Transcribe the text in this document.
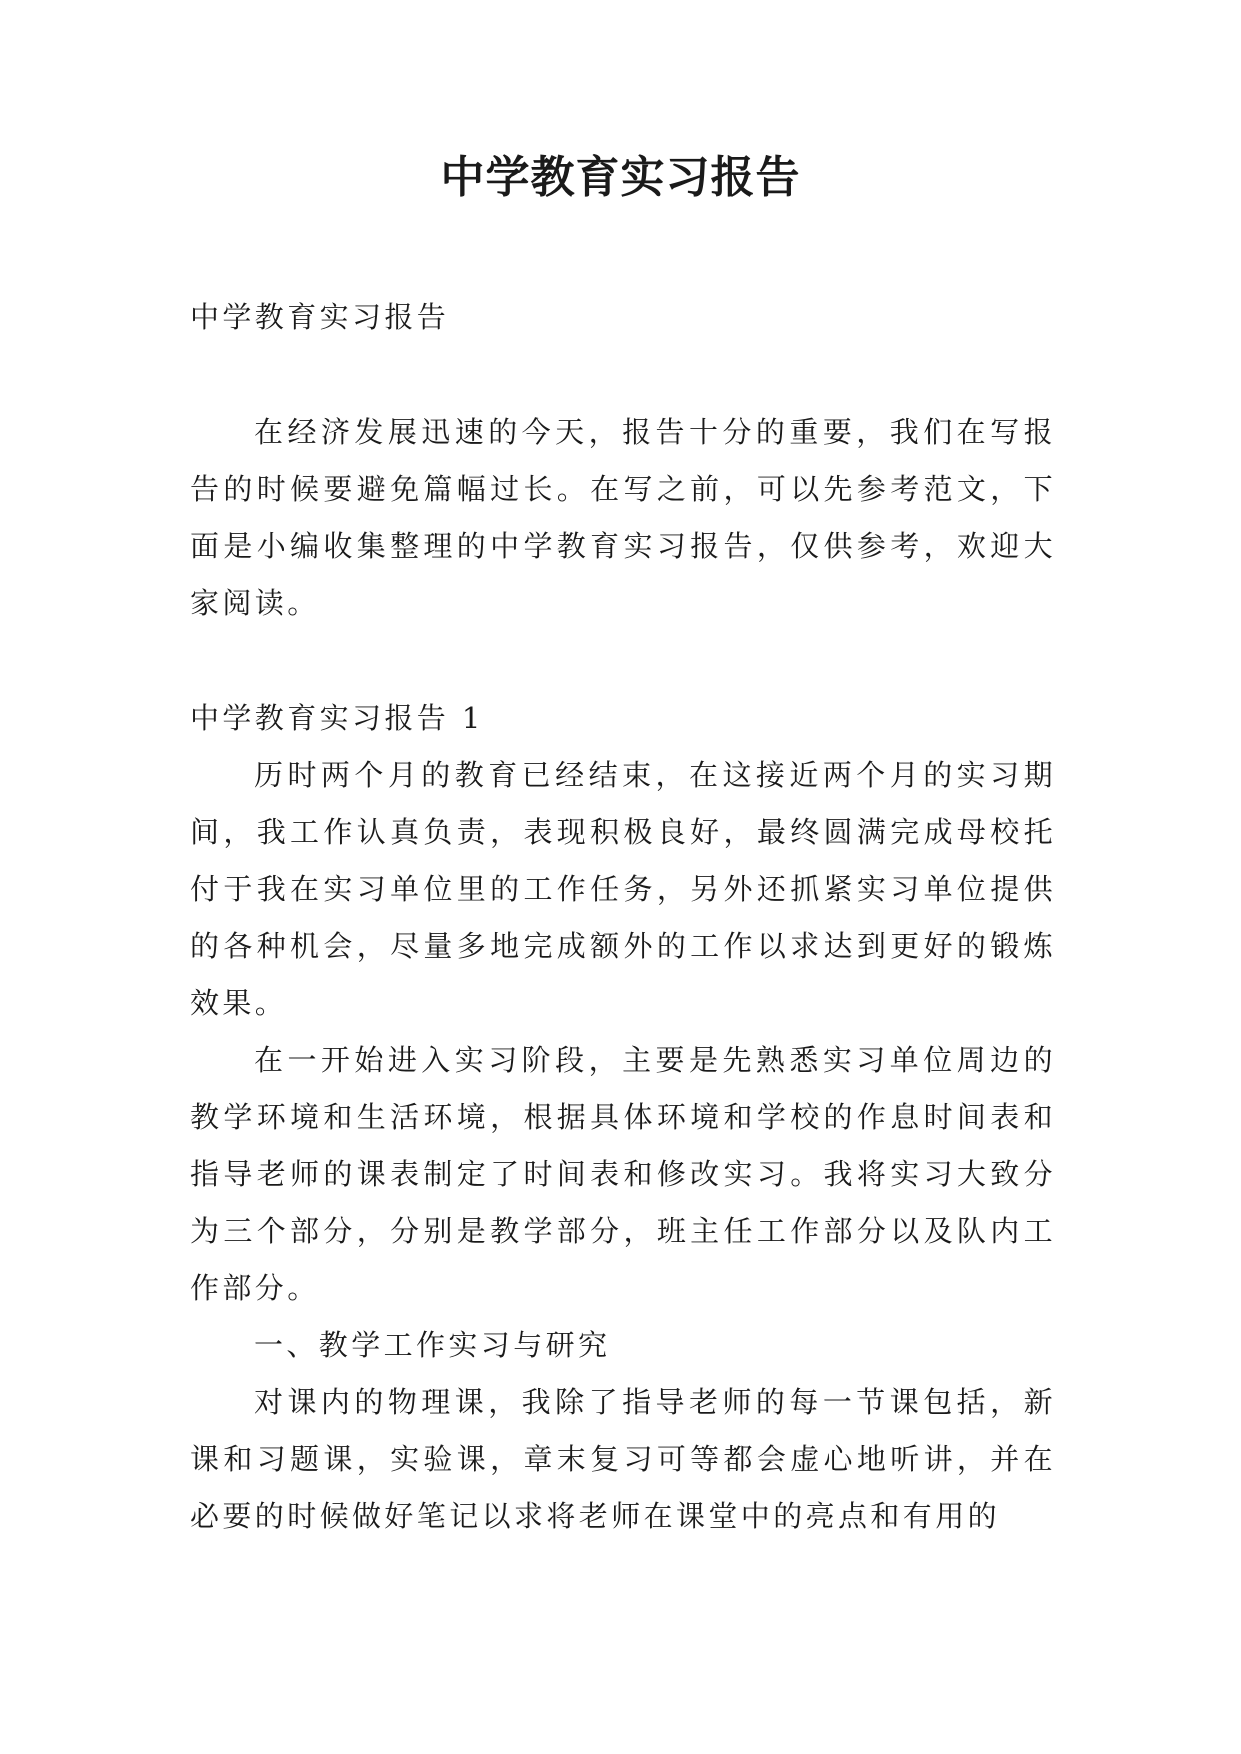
中学教育实习报告

中学教育实习报告

在经济发展迅速的今天，报告十分的重要，我们在写报告的时候要避免篇幅过长。在写之前，可以先参考范文，下面是小编收集整理的中学教育实习报告，仅供参考，欢迎大家阅读。

中学教育实习报告 1

历时两个月的教育已经结束，在这接近两个月的实习期间，我工作认真负责，表现积极良好，最终圆满完成母校托付于我在实习单位里的工作任务，另外还抓紧实习单位提供的各种机会，尽量多地完成额外的工作以求达到更好的锻炼效果。

在一开始进入实习阶段，主要是先熟悉实习单位周边的教学环境和生活环境，根据具体环境和学校的作息时间表和指导老师的课表制定了时间表和修改实习。我将实习大致分为三个部分，分别是教学部分，班主任工作部分以及队内工作部分。

一、教学工作实习与研究

对课内的物理课，我除了指导老师的每一节课包括，新课和习题课，实验课，章末复习可等都会虚心地听讲，并在必要的时候做好笔记以求将老师在课堂中的亮点和有用的
